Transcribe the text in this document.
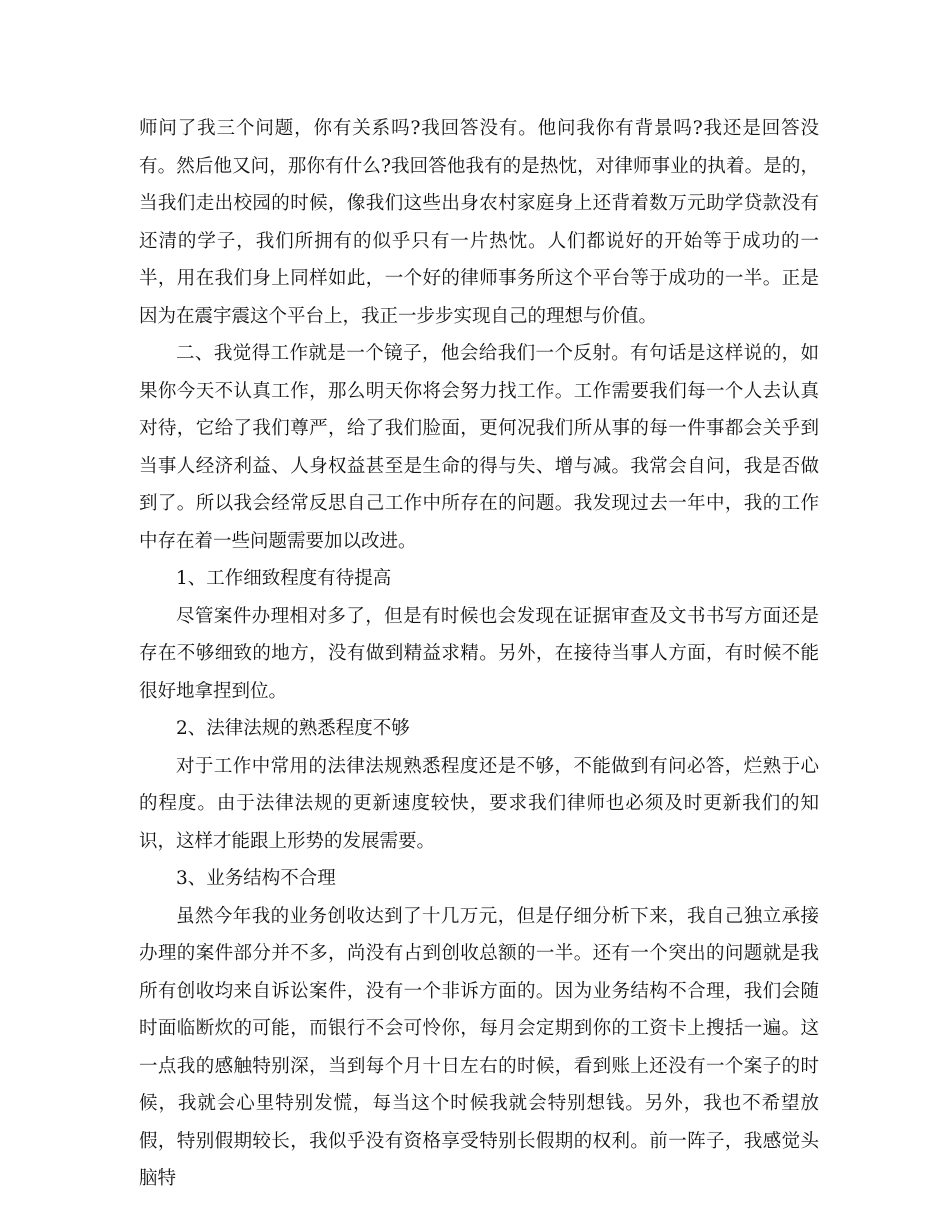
师问了我三个问题，你有关系吗?我回答没有。他问我你有背景吗?我还是回答没有。然后他又问，那你有什么?我回答他我有的是热忱，对律师事业的执着。是的，当我们走出校园的时候，像我们这些出身农村家庭身上还背着数万元助学贷款没有还清的学子，我们所拥有的似乎只有一片热忱。人们都说好的开始等于成功的一半，用在我们身上同样如此，一个好的律师事务所这个平台等于成功的一半。正是因为在震宇震这个平台上，我正一步步实现自己的理想与价值。

二、我觉得工作就是一个镜子，他会给我们一个反射。有句话是这样说的，如果你今天不认真工作，那么明天你将会努力找工作。工作需要我们每一个人去认真对待，它给了我们尊严，给了我们脸面，更何况我们所从事的每一件事都会关乎到当事人经济利益、人身权益甚至是生命的得与失、增与减。我常会自问，我是否做到了。所以我会经常反思自己工作中所存在的问题。我发现过去一年中，我的工作中存在着一些问题需要加以改进。

1、工作细致程度有待提高

尽管案件办理相对多了，但是有时候也会发现在证据审查及文书书写方面还是存在不够细致的地方，没有做到精益求精。另外，在接待当事人方面，有时候不能很好地拿捏到位。

2、法律法规的熟悉程度不够

对于工作中常用的法律法规熟悉程度还是不够，不能做到有问必答，烂熟于心的程度。由于法律法规的更新速度较快，要求我们律师也必须及时更新我们的知识，这样才能跟上形势的发展需要。

3、业务结构不合理

虽然今年我的业务创收达到了十几万元，但是仔细分析下来，我自己独立承接办理的案件部分并不多，尚没有占到创收总额的一半。还有一个突出的问题就是我所有创收均来自诉讼案件，没有一个非诉方面的。因为业务结构不合理，我们会随时面临断炊的可能，而银行不会可怜你，每月会定期到你的工资卡上搜括一遍。这一点我的感触特别深，当到每个月十日左右的时候，看到账上还没有一个案子的时候，我就会心里特别发慌，每当这个时候我就会特别想钱。另外，我也不希望放假，特别假期较长，我似乎没有资格享受特别长假期的权利。前一阵子，我感觉头脑特
